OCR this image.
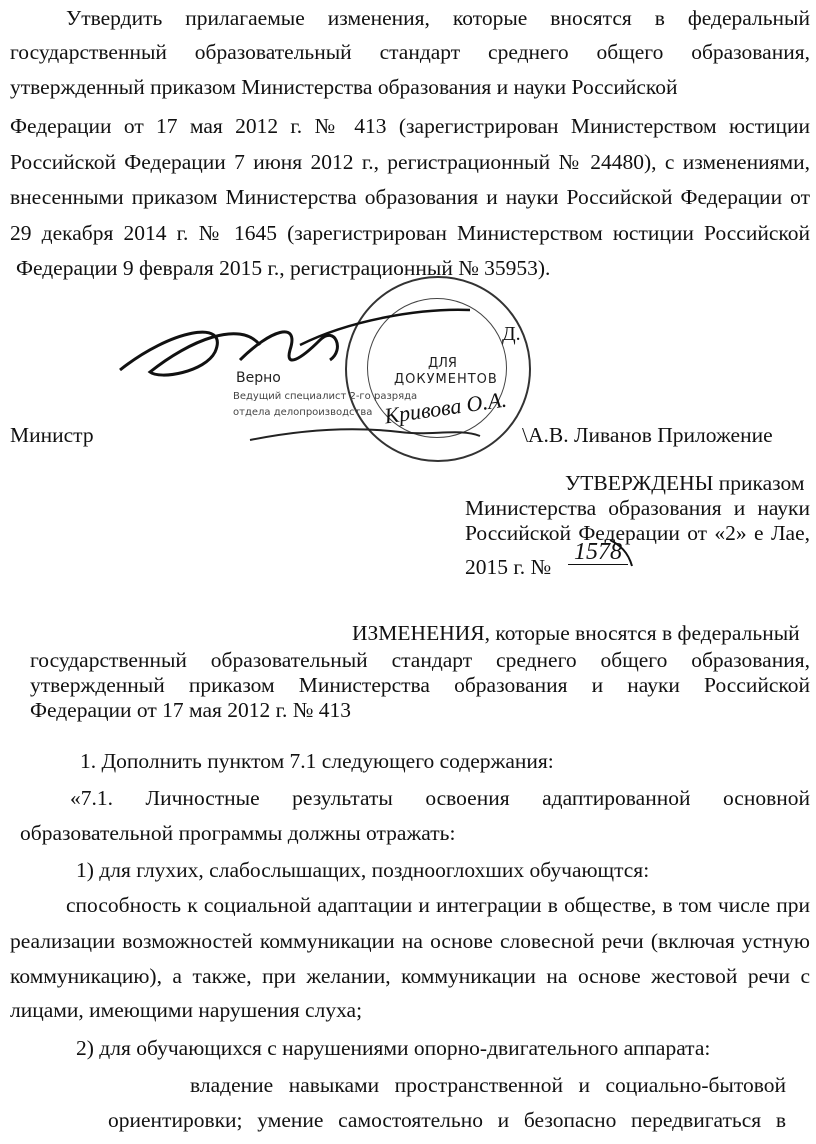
Утвердить прилагаемые изменения, которые вносятся в федеральный
государственный образовательный стандарт среднего общего образования,
утвержденный приказом Министерства образования и науки Российской
Федерации от 17 мая 2012 г. № 413 (зарегистрирован Министерством юстиции
Российской Федерации 7 июня 2012 г., регистрационный № 24480), с изменениями,
внесенными приказом Министерства образования и науки Российской Федерации от
29 декабря 2014 г. № 1645 (зарегистрирован Министерством юстиции Российской
Федерации 9 февраля 2015 г., регистрационный № 35953).
ДЛЯ
ДОКУМЕНТОВ
Верно
Ведущий специалист 2-го разряда
отдела делопроизводства Кривова О.А.
Д.
Министр	\А.В. Ливанов Приложение
УТВЕРЖДЕНЫ приказом
Министерства образования и науки
Российской Федерации от «2» е Лае,
2015 г. №
1578
ИЗМЕНЕНИЯ, которые вносятся в федеральный
государственный образовательный стандарт среднего общего образования,
утвержденный приказом Министерства образования и науки Российской
Федерации от 17 мая 2012 г. № 413
1. Дополнить пунктом 7.1 следующего содержания:
«7.1. Личностные результаты освоения адаптированной основной
образовательной программы должны отражать:
1) для глухих, слабослышащих, позднооглохших обучающтся:
способность к социальной адаптации и интеграции в обществе, в том числе при
реализации возможностей коммуникации на основе словесной речи (включая устную
коммуникацию), а также, при желании, коммуникации на основе жестовой речи с
лицами, имеющими нарушения слуха;
2) для обучающихся с нарушениями опорно-двигательного аппарата:
владение навыками пространственной и социально-бытовой
ориентировки; умение самостоятельно и безопасно передвигаться в
